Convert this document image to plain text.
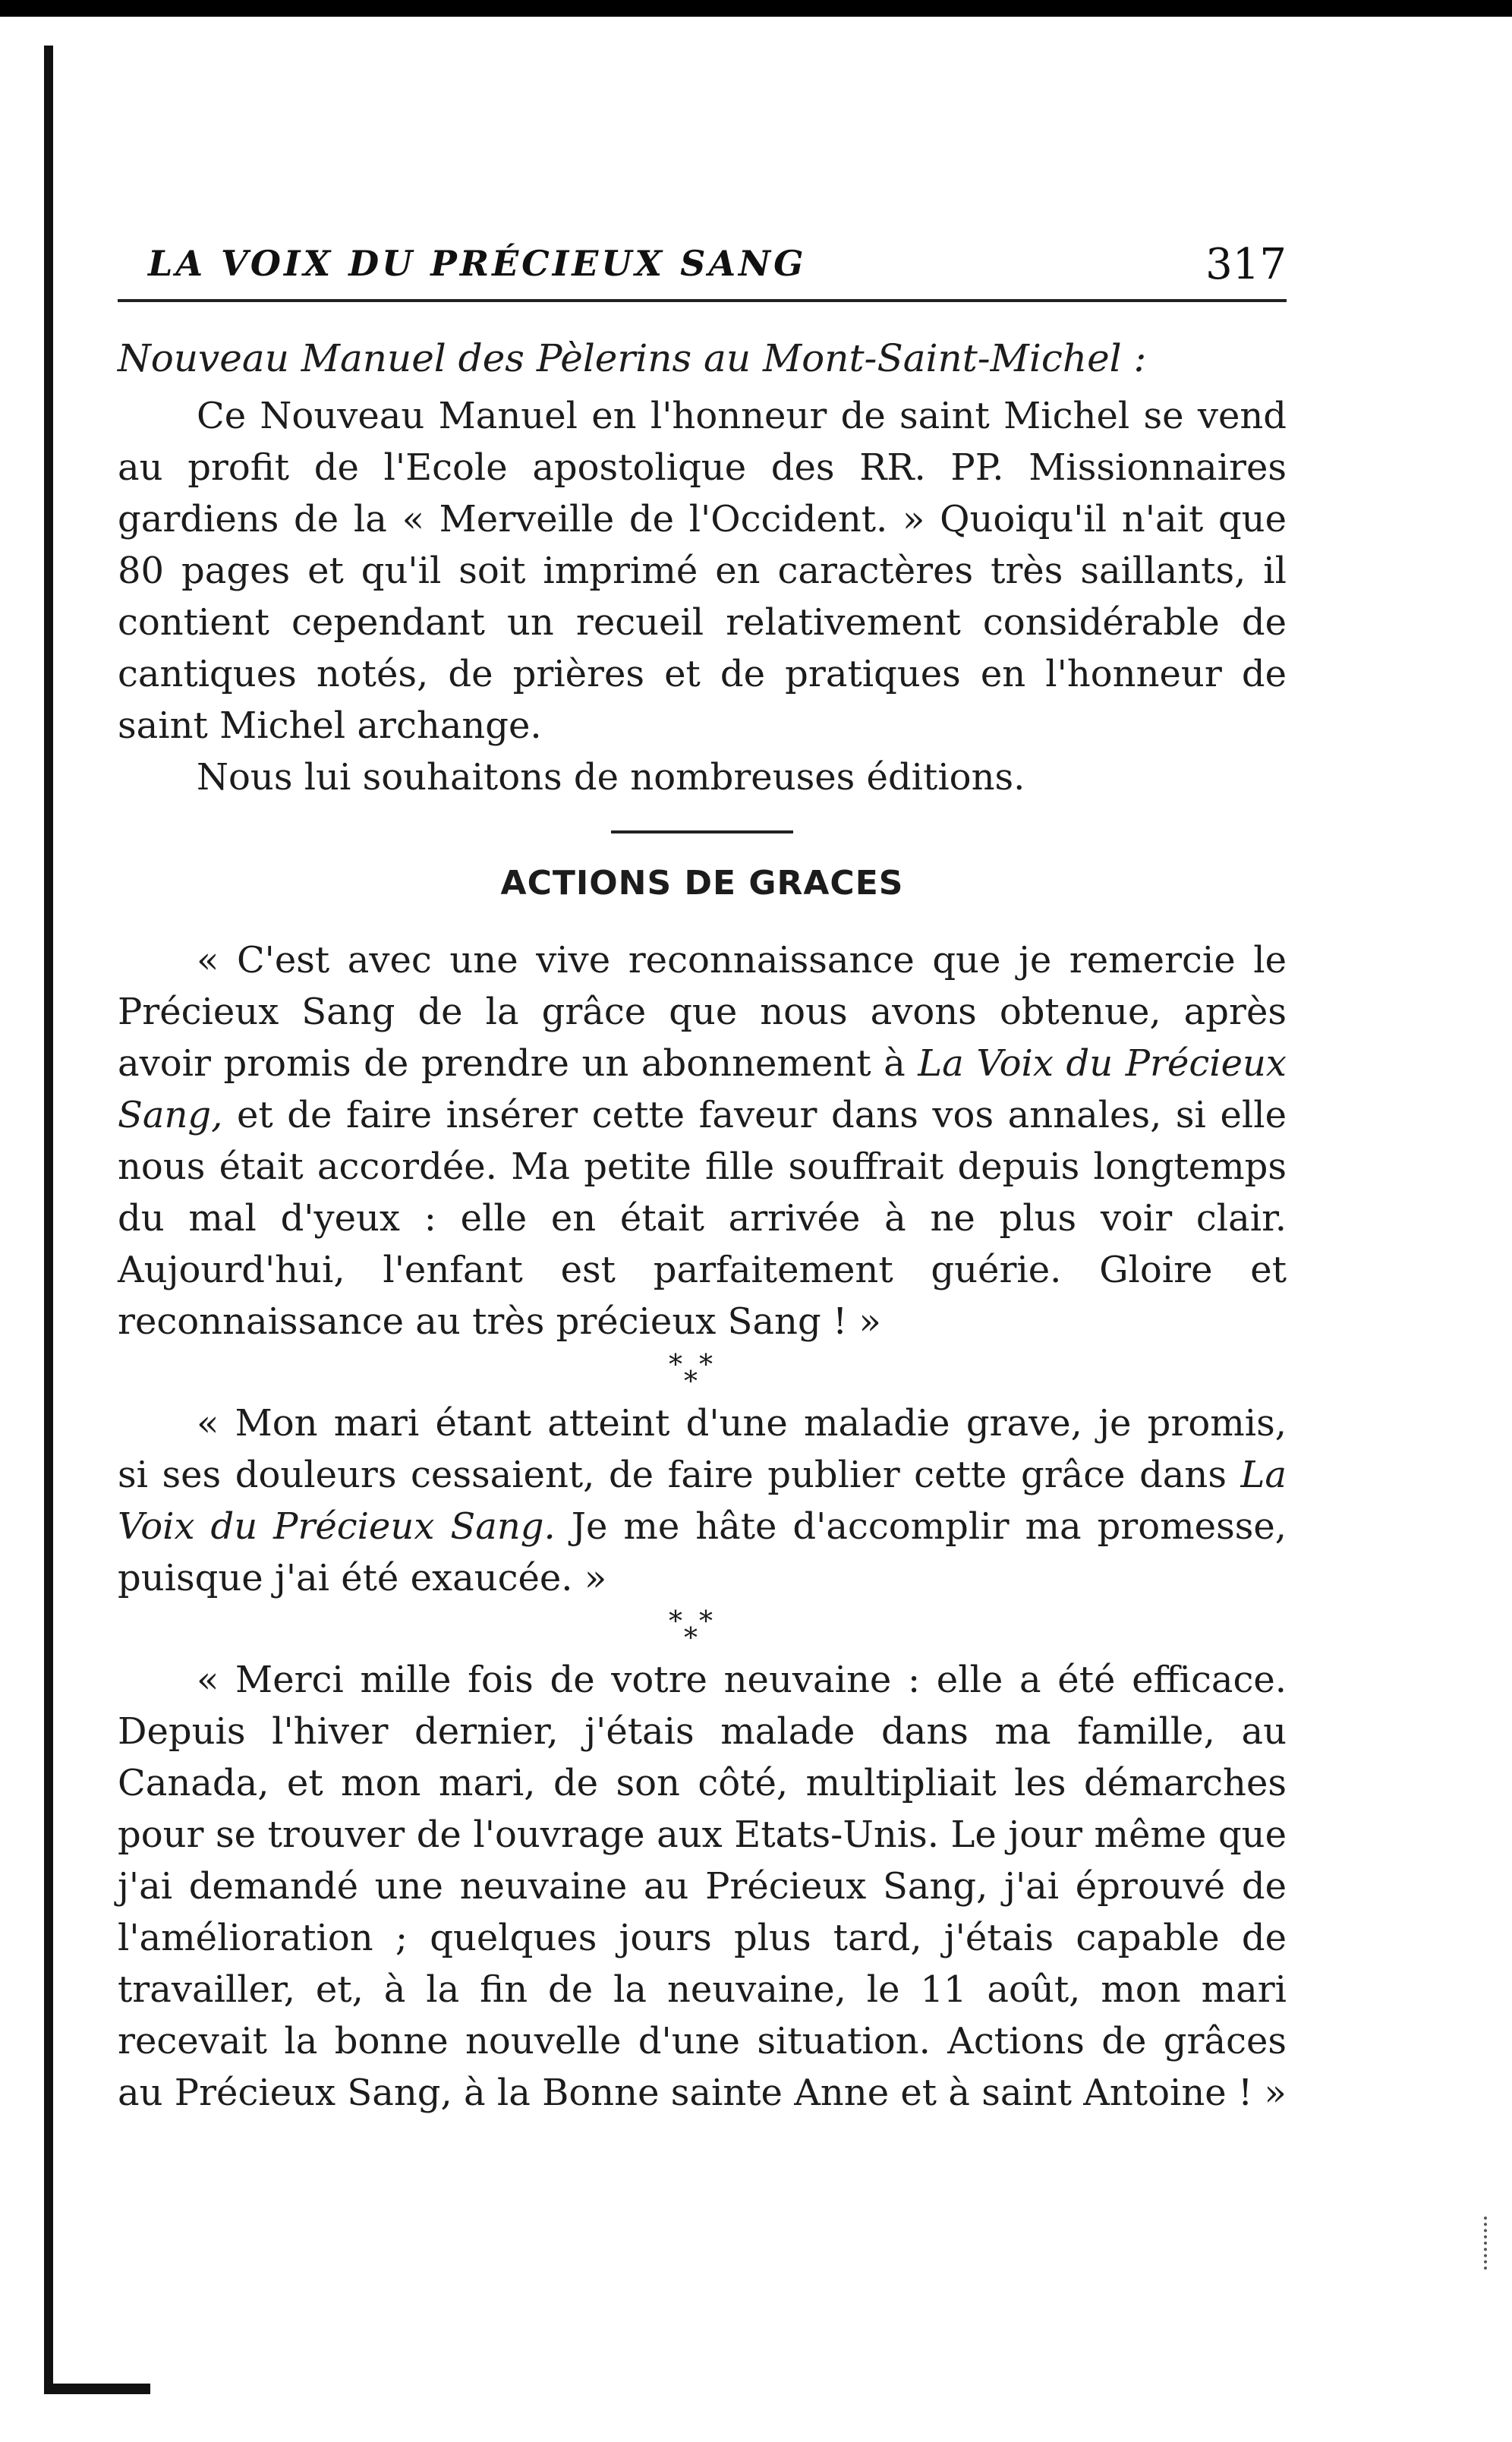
LA VOIX DU PRÉCIEUX SANG	317
Nouveau Manuel des Pèlerins au Mont-Saint-Michel :

Ce Nouveau Manuel en l'honneur de saint Michel se vend au profit de l'Ecole apostolique des RR. PP. Missionnaires gardiens de la « Merveille de l'Occident. » Quoiqu'il n'ait que 80 pages et qu'il soit imprimé en caractères très saillants, il contient cependant un recueil relativement considérable de cantiques notés, de prières et de pratiques en l'honneur de saint Michel archange.

Nous lui souhaitons de nombreuses éditions.

ACTIONS DE GRACES

« C'est avec une vive reconnaissance que je remercie le Précieux Sang de la grâce que nous avons obtenue, après avoir promis de prendre un abonnement à La Voix du Précieux Sang, et de faire insérer cette faveur dans vos annales, si elle nous était accordée. Ma petite fille souffrait depuis longtemps du mal d'yeux : elle en était arrivée à ne plus voir clair. Aujourd'hui, l'enfant est parfaitement guérie. Gloire et reconnaissance au très précieux Sang ! »

* *
*

« Mon mari étant atteint d'une maladie grave, je promis, si ses douleurs cessaient, de faire publier cette grâce dans La Voix du Précieux Sang. Je me hâte d'accomplir ma promesse, puisque j'ai été exaucée. »

* *
*

« Merci mille fois de votre neuvaine : elle a été efficace. Depuis l'hiver dernier, j'étais malade dans ma famille, au Canada, et mon mari, de son côté, multipliait les démarches pour se trouver de l'ouvrage aux Etats-Unis. Le jour même que j'ai demandé une neuvaine au Précieux Sang, j'ai éprouvé de l'amélioration ; quelques jours plus tard, j'étais capable de travailler, et, à la fin de la neuvaine, le 11 août, mon mari recevait la bonne nouvelle d'une situation. Actions de grâces au Précieux Sang, à la Bonne sainte Anne et à saint Antoine ! »
